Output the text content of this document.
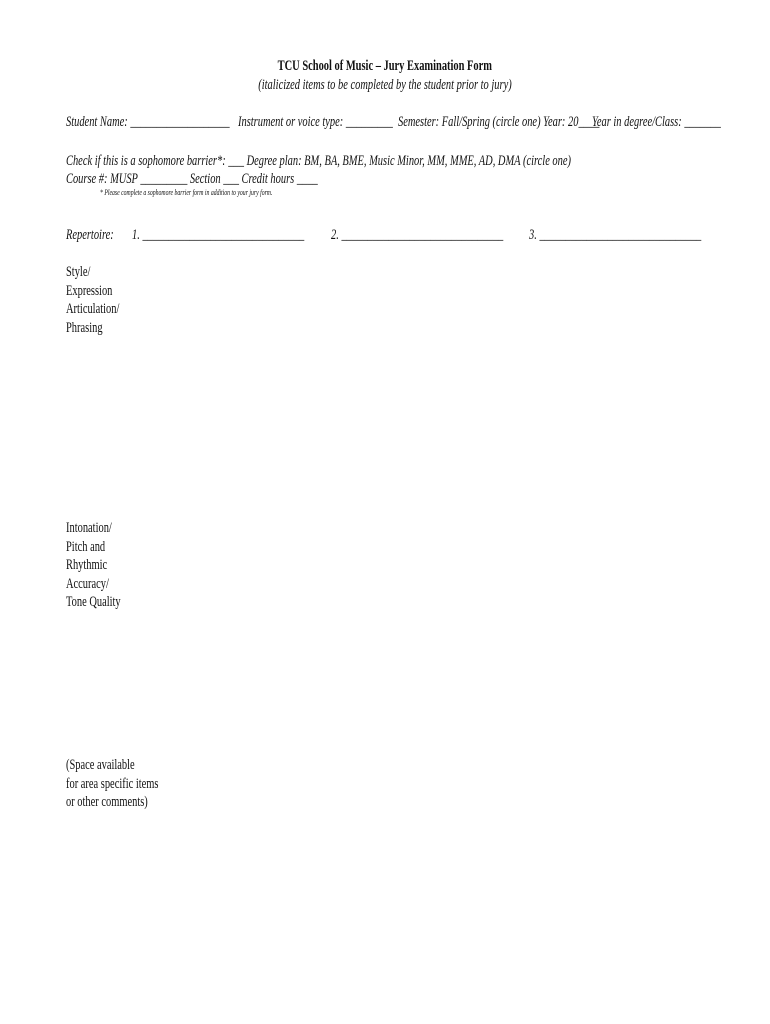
TCU School of Music – Jury Examination Form
(italicized items to be completed by the student prior to jury)
Student Name: ___________________ Instrument or voice type: _________ Semester: Fall/Spring (circle one) Year: 20____
Year in degree/Class: _______
Check if this is a sophomore barrier*: ___ Degree plan: BM, BA, BME, Music Minor, MM, MME, AD, DMA (circle one)
Course #: MUSP _________ Section ___ Credit hours ____
* Please complete a sophomore barrier form in addition to your jury form.
Repertoire:	1. _______________________________	2. _______________________________	3. _______________________________
Style/
Expression
Articulation/
Phrasing
Intonation/
Pitch and
Rhythmic
Accuracy/
Tone Quality
(Space available
for area specific items
or other comments)
